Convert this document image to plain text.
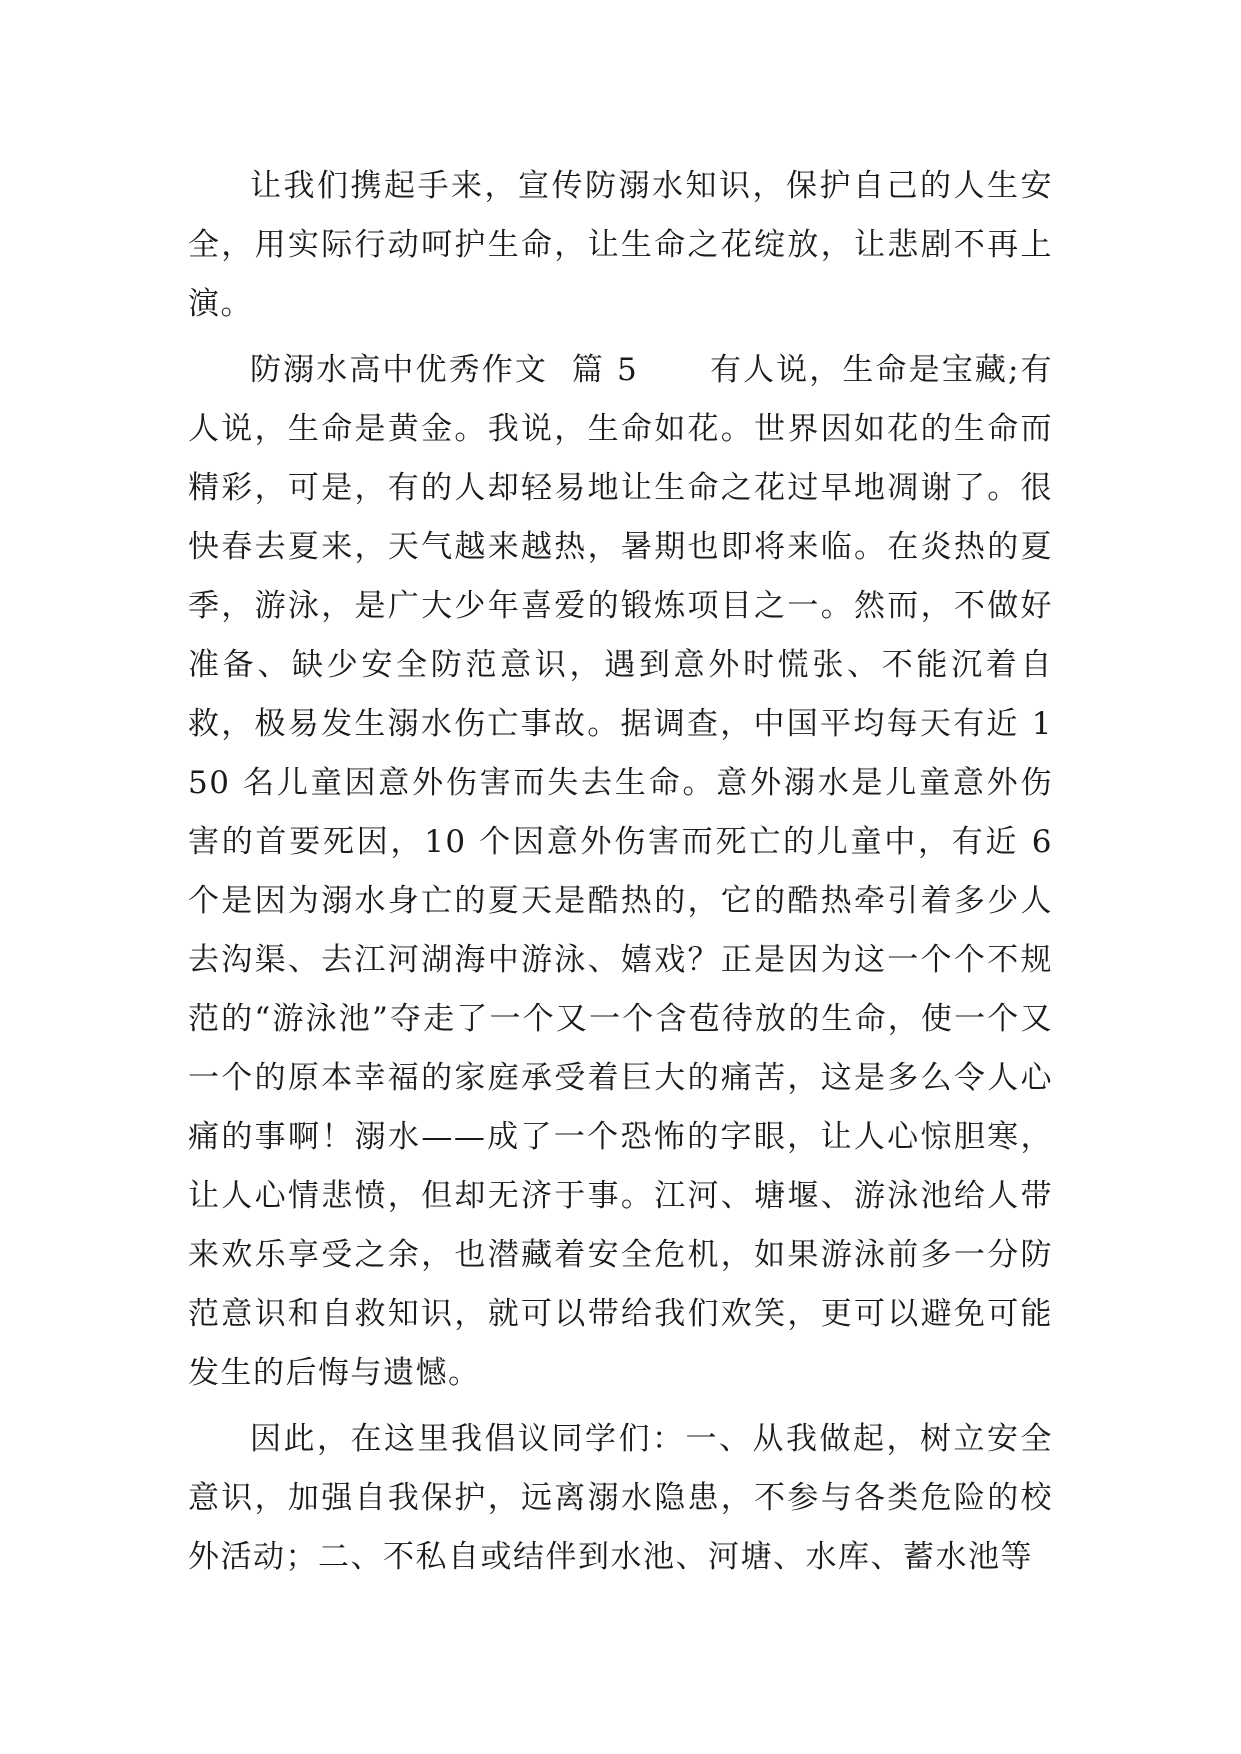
让我们携起手来，宣传防溺水知识，保护自己的人生安全，用实际行动呵护生命，让生命之花绽放，让悲剧不再上演。

防溺水高中优秀作文  篇 5 有人说，生命是宝藏;有人说，生命是黄金。我说，生命如花。世界因如花的生命而精彩，可是，有的人却轻易地让生命之花过早地凋谢了。很快春去夏来，天气越来越热，暑期也即将来临。在炎热的夏季，游泳，是广大少年喜爱的锻炼项目之一。然而，不做好准备、缺少安全防范意识，遇到意外时慌张、不能沉着自救，极易发生溺水伤亡事故。据调查，中国平均每天有近 150 名儿童因意外伤害而失去生命。意外溺水是儿童意外伤害的首要死因，10 个因意外伤害而死亡的儿童中，有近 6 个是因为溺水身亡的夏天是酷热的，它的酷热牵引着多少人去沟渠、去江河湖海中游泳、嬉戏？正是因为这一个个不规范的“游泳池”夺走了一个又一个含苞待放的生命，使一个又一个的原本幸福的家庭承受着巨大的痛苦，这是多么令人心痛的事啊！溺水——成了一个恐怖的字眼，让人心惊胆寒，让人心情悲愤，但却无济于事。江河、塘堰、游泳池给人带来欢乐享受之余，也潜藏着安全危机，如果游泳前多一分防范意识和自救知识，就可以带给我们欢笑，更可以避免可能发生的后悔与遗憾。

因此，在这里我倡议同学们：一、从我做起，树立安全意识，加强自我保护，远离溺水隐患，不参与各类危险的校外活动；二、不私自或结伴到水池、河塘、水库、蓄水池等
